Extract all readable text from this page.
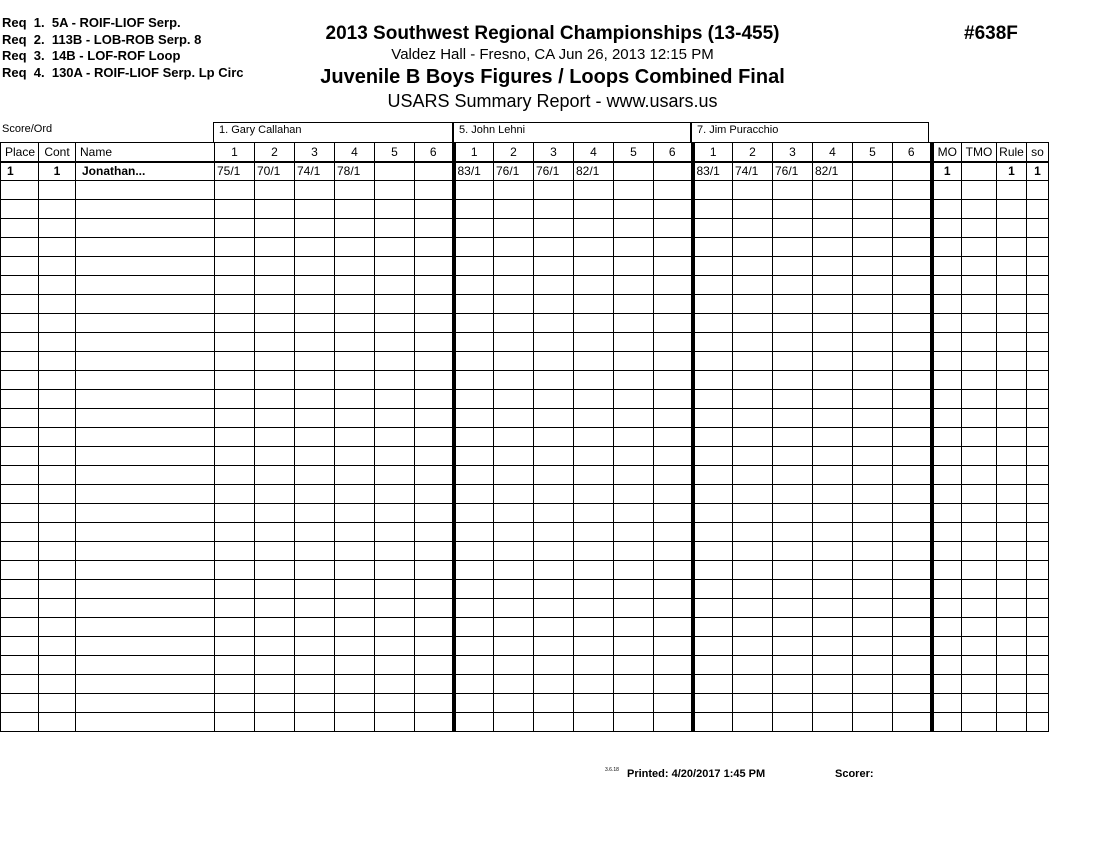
Req  1.  5A - ROIF-LIOF Serp.
Req  2.  113B - LOB-ROB Serp. 8
Req  3.  14B - LOF-ROF Loop
Req  4.  130A - ROIF-LIOF Serp. Lp Circ
2013 Southwest Regional Championships (13-455)
Valdez Hall - Fresno, CA Jun 26, 2013 12:15 PM
Juvenile B Boys Figures / Loops Combined Final
USARS Summary Report - www.usars.us
#638F
Score/Ord	1. Gary Callahan	5. John Lehni	7. Jim Puracchio
Place	Cont	Name	1	2	3	4	5	6	1	2	3	4	5	6	1	2	3	4	5	6	MO	TMO	Rule	so
1	1	Jonathan...	75/1	70/1	74/1	78/1			83/1	76/1	76/1	82/1			83/1	74/1	76/1	82/1			1		1	1

3.6.18 Printed: 4/20/2017 1:45 PM	Scorer:
